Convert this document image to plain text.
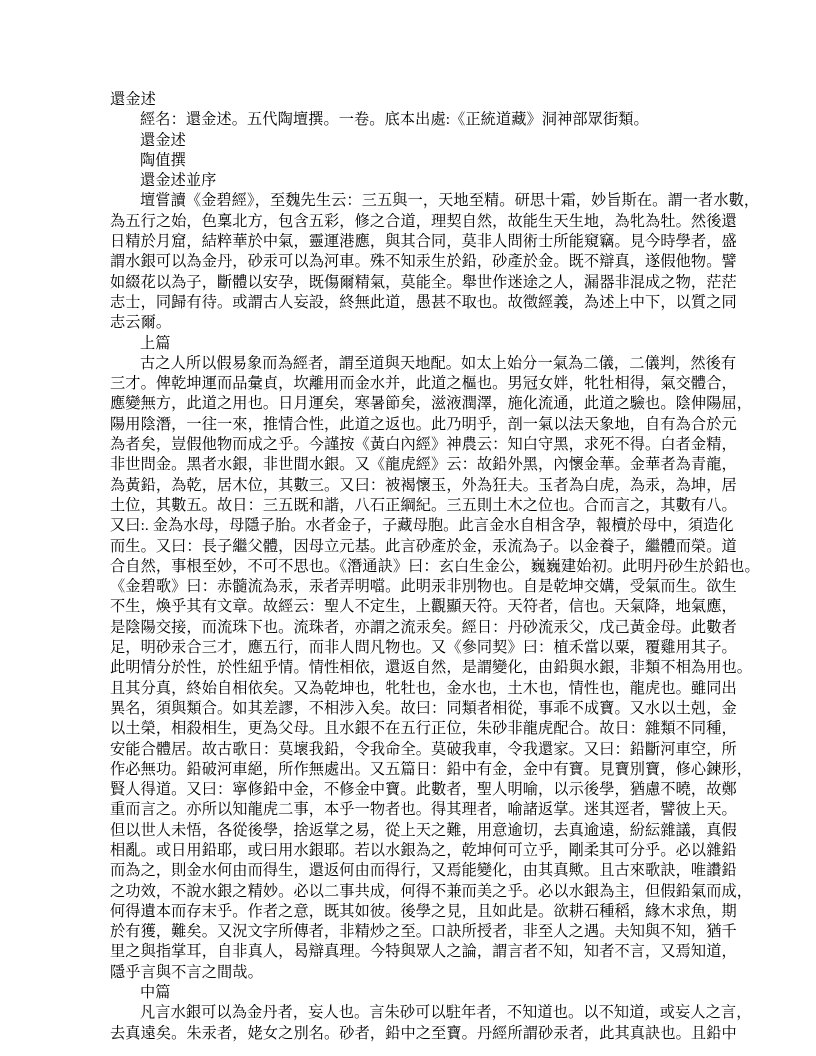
還金述
經名：還金述。五代陶壇撰。一卷。底本出處:《正統道藏》洞神部眾街類。
還金述
陶值撰
還金述並序
壇嘗讀《金碧經》，至魏先生云：三五與一，天地至精。研思十霜，妙旨斯在。謂一者水數，
為五行之始，色稟北方，包含五彩，修之合道，理契自然，故能生天生地，為牝為牡。然後還
日精於月窟，結粹華於中氣，靈運港應，與其合同，莫非人問術士所能窺竊。見今時學者，盛
謂水銀可以為金丹，砂汞可以為河車。殊不知汞生於鉛，砂產於金。既不辯真，遂假他物。譬
如綴花以為子，斷體以安孕，既傷爾精氣，莫能全。舉世作迷途之人，漏器非混成之物，茫茫
志士，同歸有待。或謂古人妄設，終無此道，愚甚不取也。故徵經義，為述上中下，以質之同
志云爾。
上篇
古之人所以假易象而為經者，謂至道與天地配。如太上始分一氣為二儀，二儀判，然後有
三才。俾乾坤運而品彙貞，坎離用而金水并，此道之樞也。男冠女姅，牝牡相得，氣交體合，
應變無方，此道之用也。日月運矣，寒暑節矣，滋液潤澤，施化流通，此道之驗也。陰伸陽屈，
陽用陰潛，一往一來，推情合性，此道之返也。此乃明乎，剖一氣以法天象地，自有為合於元
為者矣，豈假他物而成之乎。今謹按《黃白內經》神農云：知白守黑，求死不得。白者金精，
非世問金。黑者水銀，非世間水銀。又《龍虎經》云：故鉛外黑，內懷金華。金華者為青龍，
為黃鉛，為乾，居木位，其數三。又曰：被褐懷玉，外為狂夫。玉者為白虎，為汞，為坤，居
土位，其數五。故日：三五既和諧，八石正綱紀。三五則土木之位也。合而言之，其數有八。
又曰:. 金為水母，母隱子胎。水者金子，子藏母胞。此言金水自相含孕，報櫝於母中，須造化
而生。又曰：長子繼父體，因母立元基。此言砂產於金，汞流為子。以金養子，繼體而榮。道
合自然，事根至妙，不可不思也。《潛通訣》曰：玄白生金公，巍巍建始初。此明丹砂生於鉛也。
《金碧歌》曰：赤髓流為汞，汞者弄明噹。此明汞非別物也。自是乾坤交媾，受氣而生。欲生
不生，煥乎其有文章。故經云：聖人不定生，上觀顯天符。天符者，信也。天氣降，地氣應，
是陰陽交接，而流珠下也。流珠者，亦謂之流汞矣。經日：丹砂流汞父，戊己黃金母。此數者
足，明砂汞合三才，應五行，而非人問凡物也。又《參同契》曰：植禾當以粟，覆雞用其子。
此明情分於性，於性紐乎情。情性相依，還返自然，是謂變化，由鉛與水銀，非類不相為用也。
且其分真，終始自相依矣。又為乾坤也，牝牡也，金水也，土木也，情性也，龍虎也。雖同出
異名，須與類合。如其差謬，不相涉入矣。故曰：同類者相從，事乖不成寶。又水以土剋，金
以土榮，相殺相生，更為父母。且水銀不在五行正位，朱砂非龍虎配合。故日：雜類不同種，
安能合體居。故古歌日：莫壞我鉛，令我命全。莫破我車，令我還家。又曰：鉛斷河車空，所
作必無功。鉛破河車絕，所作無處出。又五篇日：鉛中有金，金中有寶。見寶別寶，修心鍊形，
賢人得道。又曰：寧修鉛中金，不修金中寶。此數者，聖人明喻，以示後學，猶慮不曉，故鄭
重而言之。亦所以知龍虎二事，本乎一物者也。得其理者，喻諸返掌。迷其逕者，譬彼上天。
但以世人未悟，各從後學，捨返掌之易，從上天之難，用意逾切，去真逾遠，紛紜雜議，真假
相亂。或日用鉛耶，或曰用水銀耶。若以水銀為之，乾坤何可立乎，剛柔其可分乎。必以雜鉛
而為之，則金水何由而得生，還返何由而得行，又焉能變化，由其真歟。且古來歌訣，唯讚鉛
之功效，不說水銀之精妙。必以二事共成，何得不兼而美之乎。必以水銀為主，但假鉛氣而成，
何得遺本而存末乎。作者之意，既其如彼。後學之見，且如此是。欲耕石種稻，緣木求魚，期
於有獲，難矣。又況文字所傳者，非精炒之至。口訣所授者，非至人之遇。夫知與不知，猶千
里之與指掌耳，自非真人，曷辯真理。今特與眾人之論，謂言者不知，知者不言，又焉知道，
隱乎言與不言之間哉。
中篇
凡言水銀可以為金丹者，妄人也。言朱砂可以駐年者，不知道也。以不知道，或妄人之言，
去真遠矣。朱汞者，姥女之別名。砂者，鉛中之至寶。丹經所謂砂汞者，此其真訣也。且鉛中
